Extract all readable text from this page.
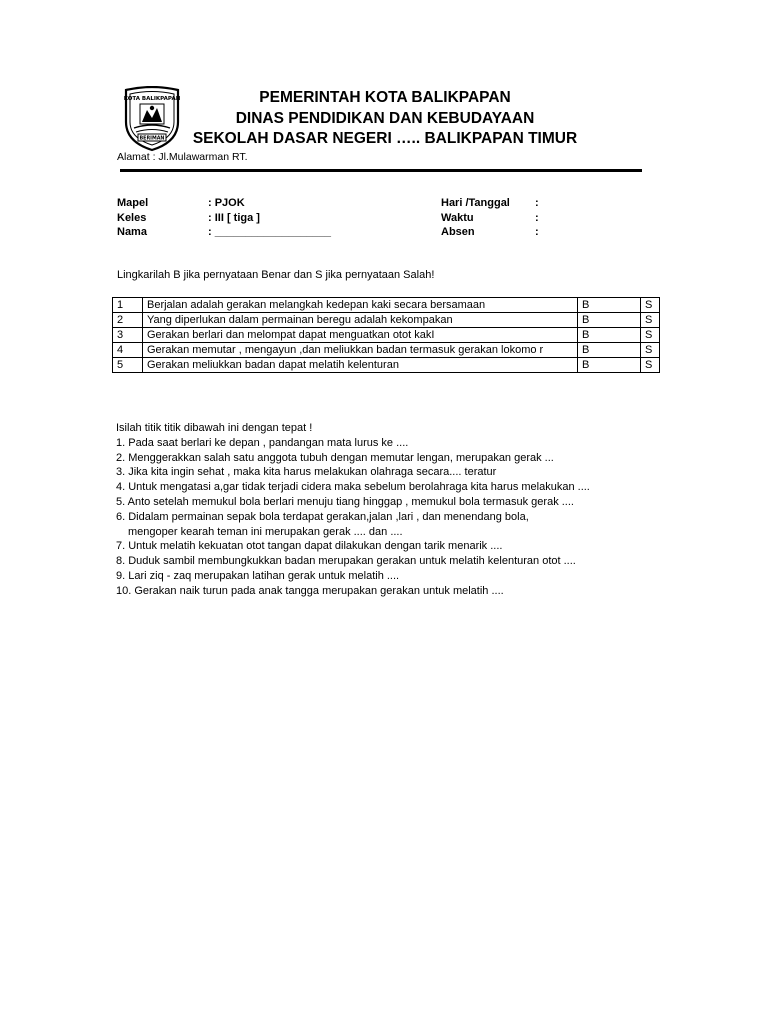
KOTA BALIKPAPAN
BERIMAN
PEMERINTAH KOTA BALIKPAPAN
DINAS PENDIDIKAN DAN KEBUDAYAAN
SEKOLAH DASAR NEGERI ….. BALIKPAPAN TIMUR
Alamat : Jl.Mulawarman RT.
Mapel	: PJOK
Keles	: III [ tiga ]
Nama	: ___________________
Hari /Tanggal	:
Waktu	:
Absen	:
Lingkarilah B jika pernyataan Benar dan S jika pernyataan Salah!
1	Berjalan adalah gerakan melangkah kedepan kaki secara bersamaan	B	S
2	Yang diperlukan dalam permainan beregu adalah kekompakan	B	S
3	Gerakan berlari dan melompat dapat menguatkan otot kakI	B	S
4	Gerakan memutar , mengayun ,dan meliukkan badan termasuk gerakan lokomo r	B	S
5	Gerakan meliukkan badan dapat melatih kelenturan	B	S
Isilah titik titik dibawah ini dengan tepat !
1. Pada saat berlari ke depan , pandangan mata lurus ke ....
2. Menggerakkan salah satu anggota tubuh dengan memutar lengan, merupakan gerak ...
3. Jika kita ingin sehat , maka kita harus melakukan olahraga secara.... teratur
4. Untuk mengatasi a,gar tidak terjadi cidera maka sebelum berolahraga kita harus melakukan ....
5. Anto setelah memukul bola berlari menuju tiang hinggap , memukul bola termasuk gerak ....
6. Didalam permainan sepak bola terdapat gerakan,jalan ,lari , dan menendang bola,
mengoper kearah teman ini merupakan gerak .... dan ....
7. Untuk melatih kekuatan otot tangan dapat dilakukan dengan tarik menarik ....
8. Duduk sambil membungkukkan badan merupakan gerakan untuk melatih kelenturan otot ....
9. Lari ziq - zaq merupakan latihan gerak untuk melatih ....
10. Gerakan naik turun pada anak tangga merupakan gerakan untuk melatih ....
